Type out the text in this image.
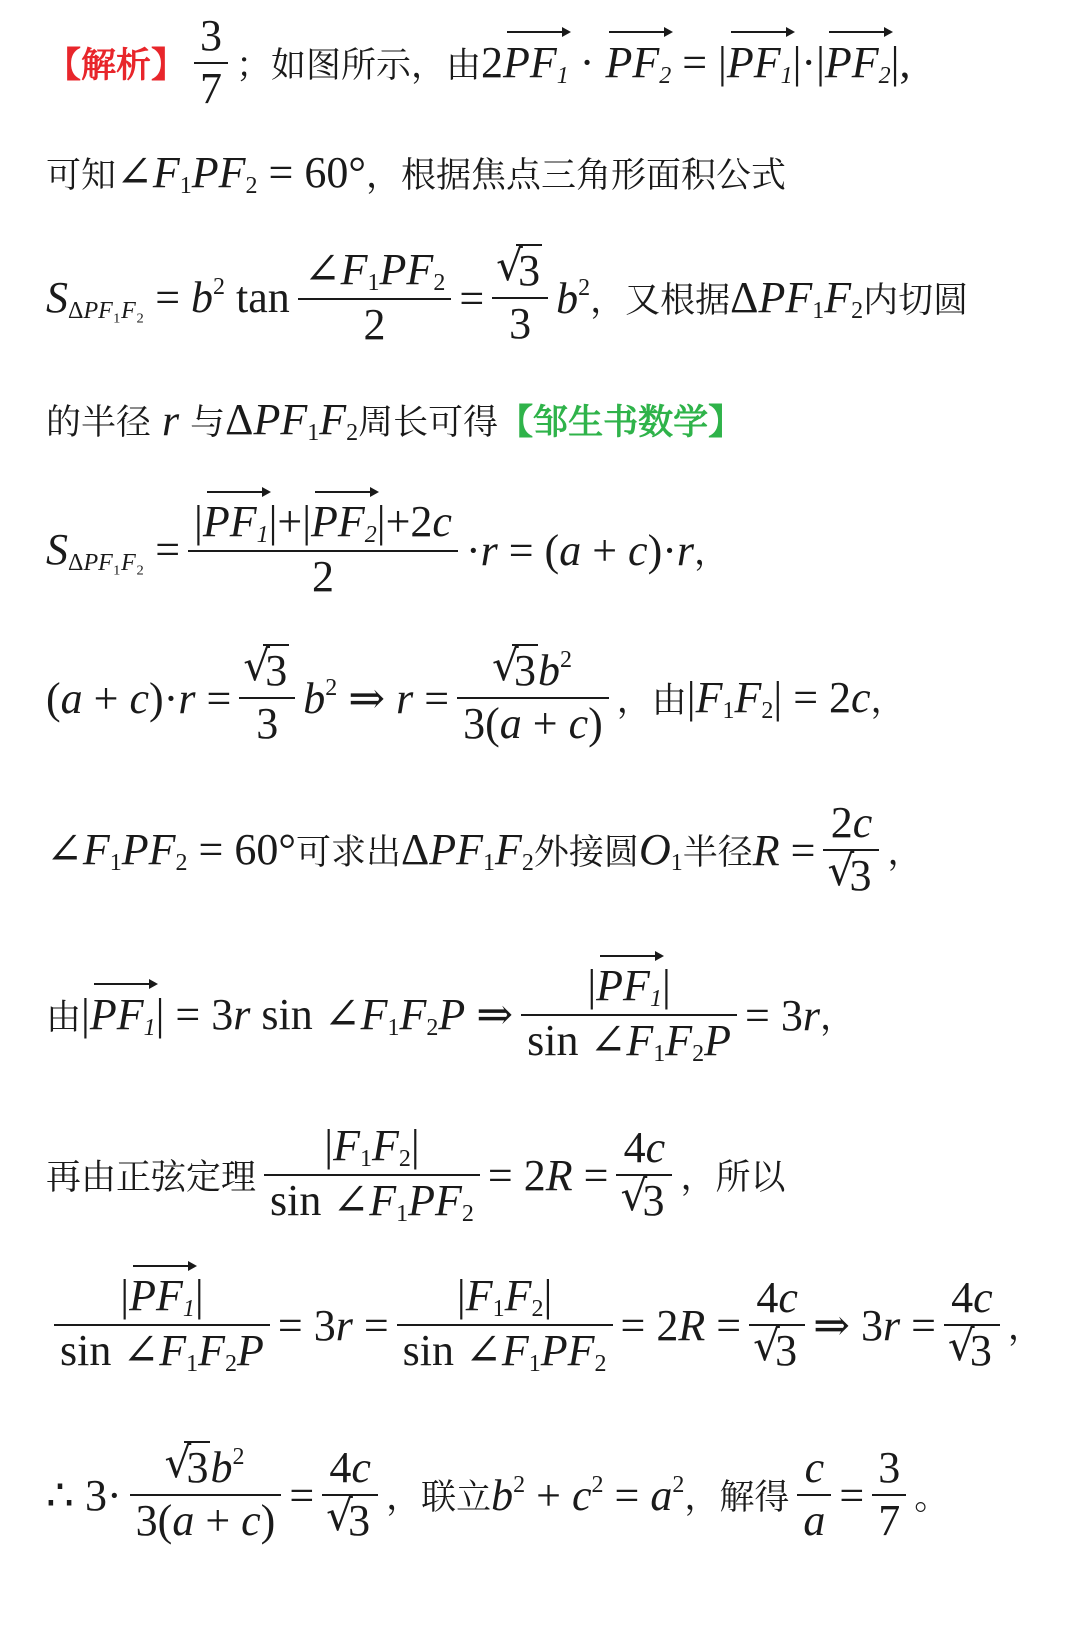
【解析】 $\frac{3}{7}$ ；如图所示，由 $2PF_1 \cdot PF_2 = |PF_1|\cdot|PF_2|$,
可知 $\angle F_1PF_2 = 60^\circ$ ，根据焦点三角形面积公式
$S_{\Delta PF_1F_2} = b^2$ $\tan \frac{\angle F_1PF_2}{2}$ = √ $\frac{3}{3} b^2$ ，又根据 $\Delta PF_1F_2$ 内切圆
的半径 r 与 $\Delta PF_1F_2$ 周长可得 【邹生书数学】
$S_{\Delta PF_1F_2} = \frac{|PF_1|+|PF_2|+2c}{2} \cdot r = (a + c)\cdot r$ ，
(a + c)·r = √ $\frac{3}{3} b^2$ ⇒ r = √ $\frac{3b^2}{3(a + c)}$ ，由 $|F_1F_2| = 2c$ ，
$\angle F_1PF_2 = 60^\circ$ 可求出 $\Delta PF_1F_2$ 外接圆 $O_1$ 半径 R = 2c
√ 3 ，
由 $|PF_1| = 3r$ $\sin \angle F_1F_2P$ ⇒ $\frac{|PF_1|}{\sin \angle F_1F_2P} = 3r$ ，
再由正弦定理 $\frac{|F_1F_2|}{\sin \angle F_1PF_2} = 2R = 4c$
√ 3 ，所以
$\frac{|PF_1|}{\sin \angle F_1F_2P} = 3r = \frac{|F_1F_2|}{\sin \angle F_1PF_2} = 2R = 4c$
√ 3 ⇒ 3r = 4c
√ 3 ，
∴ 3· √ $\frac{3b^2}{3(a + c)} = 4c$
√ 3 ，联立 $b^2 + c^2 = a^2$ ，解得 $\frac{c}{a} = \frac{3}{7}$ 。
